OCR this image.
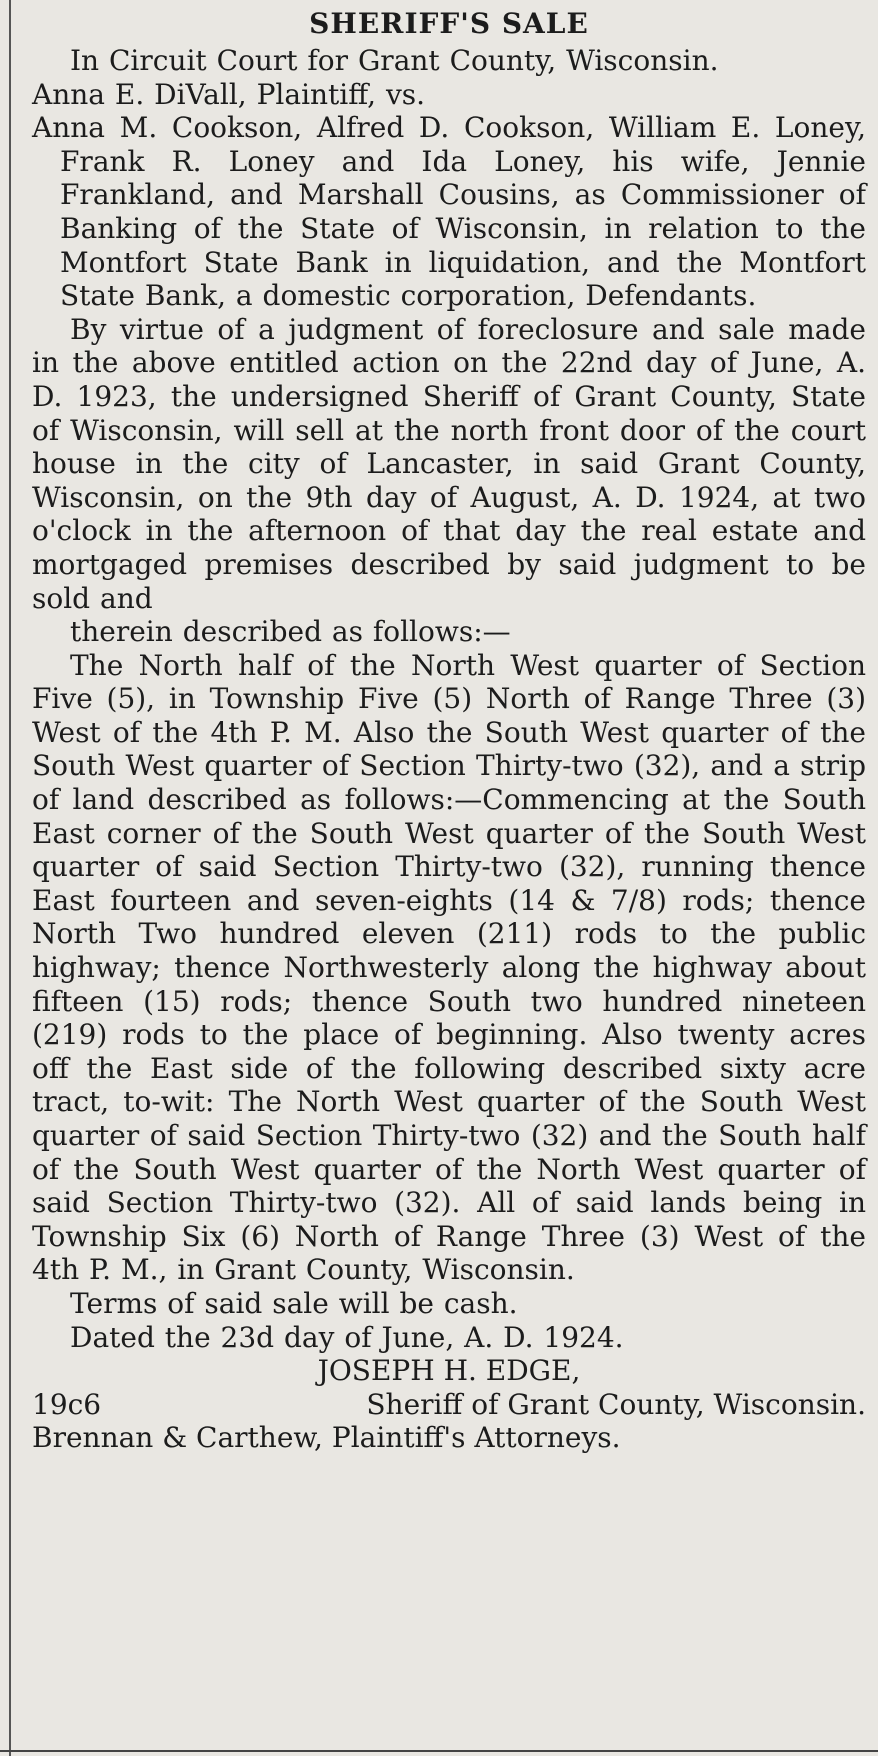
SHERIFF'S SALE

In Circuit Court for Grant County, Wisconsin.

Anna E. DiVall, Plaintiff, vs.

Anna M. Cookson, Alfred D. Cookson, William E. Loney, Frank R. Loney and Ida Loney, his wife, Jennie Frankland, and Marshall Cousins, as Commissioner of Banking of the State of Wisconsin, in relation to the Montfort State Bank in liquidation, and the Montfort State Bank, a domestic corporation, Defendants.

By virtue of a judgment of foreclosure and sale made in the above entitled action on the 22nd day of June, A. D. 1923, the undersigned Sheriff of Grant County, State of Wisconsin, will sell at the north front door of the court house in the city of Lancaster, in said Grant County, Wisconsin, on the 9th day of August, A. D. 1924, at two o'clock in the afternoon of that day the real estate and mortgaged premises described by said judgment to be sold and

therein described as follows:—

The North half of the North West quarter of Section Five (5), in Township Five (5) North of Range Three (3) West of the 4th P. M. Also the South West quarter of the South West quarter of Section Thirty-two (32), and a strip of land described as follows:—Commencing at the South East corner of the South West quarter of the South West quarter of said Section Thirty-two (32), running thence East fourteen and seven-eights (14 & 7/8) rods; thence North Two hundred eleven (211) rods to the public highway; thence Northwesterly along the highway about fifteen (15) rods; thence South two hundred nineteen (219) rods to the place of beginning. Also twenty acres off the East side of the following described sixty acre tract, to-wit: The North West quarter of the South West quarter of said Section Thirty-two (32) and the South half of the South West quarter of the North West quarter of said Section Thirty-two (32). All of said lands being in Township Six (6) North of Range Three (3) West of the 4th P. M., in Grant County, Wisconsin.

Terms of said sale will be cash.

Dated the 23d day of June, A. D. 1924.

JOSEPH H. EDGE,

19c6	Sheriff of Grant County, Wisconsin.

Brennan & Carthew, Plaintiff's Attorneys.
